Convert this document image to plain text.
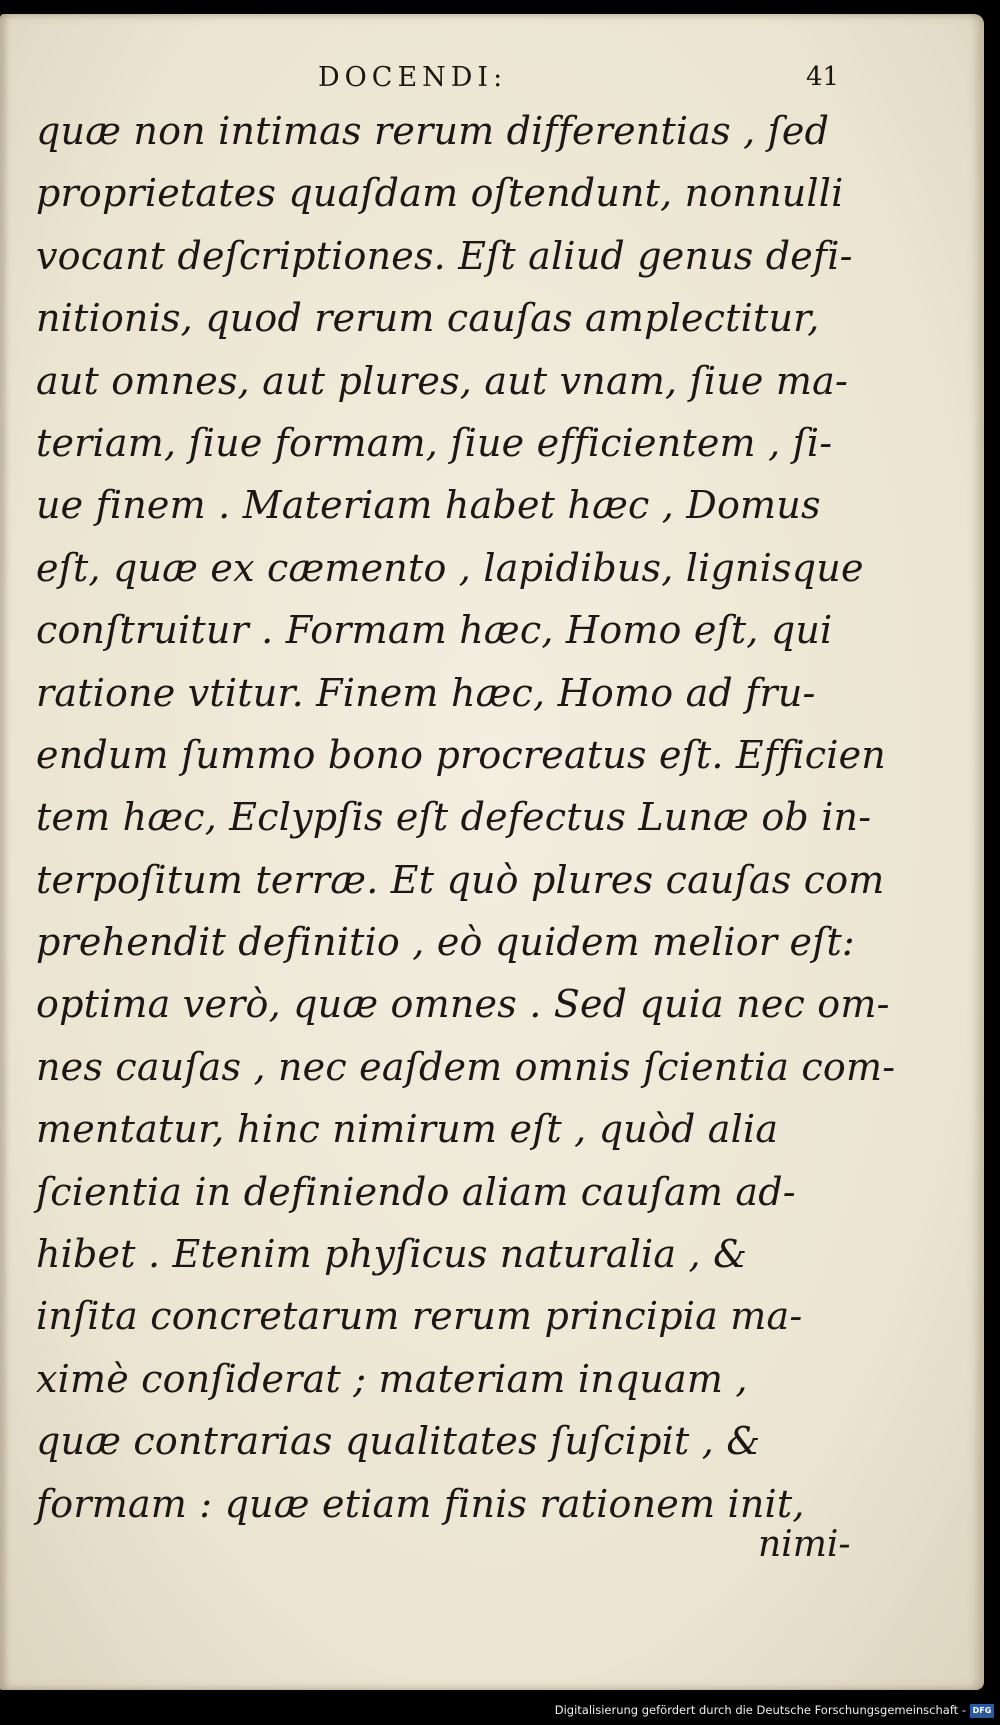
DOCENDI:	41
quæ non intimas rerum differentias , ſed
proprietates quaſdam oſtendunt, nonnulli
vocant deſcriptiones. Eſt aliud genus defi-
nitionis, quod rerum cauſas amplectitur,
aut omnes, aut plures, aut vnam, ſiue ma-
teriam, ſiue formam, ſiue efficientem , ſi-
ue finem . Materiam habet hæc , Domus
eſt, quæ ex cæmento , lapidibus, lignisque
conſtruitur . Formam hæc, Homo eſt, qui
ratione vtitur. Finem hæc, Homo ad fru-
endum ſummo bono procreatus eſt. Efficien
tem hæc, Eclypſis eſt defectus Lunæ ob in-
terpoſitum terræ. Et quò plures cauſas com
prehendit definitio , eò quidem melior eſt:
optima verò, quæ omnes . Sed quia nec om-
nes cauſas , nec eaſdem omnis ſcientia com-
mentatur, hinc nimirum eſt , quòd alia
ſcientia in definiendo aliam cauſam ad-
hibet . Etenim phyſicus naturalia , &
inſita concretarum rerum principia ma-
ximè conſiderat ; materiam inquam ,
quæ contrarias qualitates ſuſcipit , &
formam : quæ etiam finis rationem init,
nimi-
Digitalisierung gefördert durch die Deutsche Forschungsgemeinschaft - DFG
